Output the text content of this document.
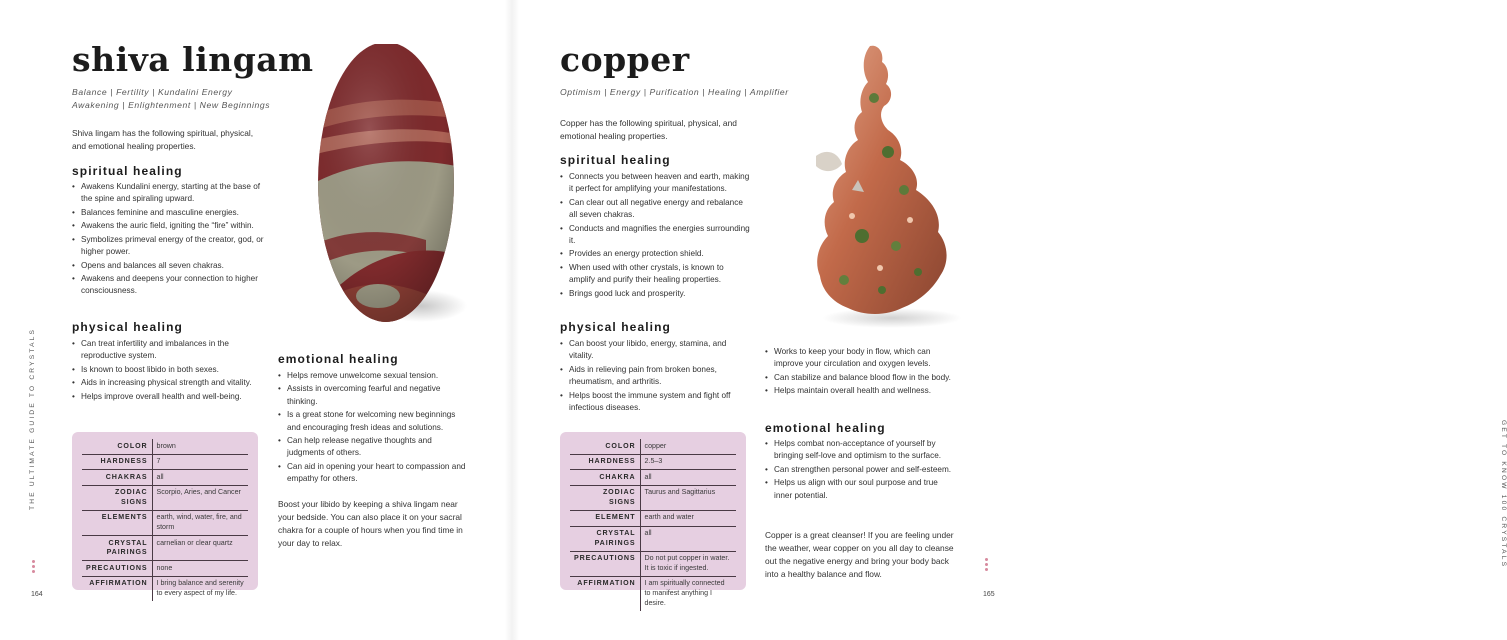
shiva lingam
Balance | Fertility | Kundalini Energy
Awakening | Enlightenment | New Beginnings

Shiva lingam has the following spiritual, physical, and emotional healing properties.

spiritual healing
• Awakens Kundalini energy, starting at the base of the spine and spiraling upward.
• Balances feminine and masculine energies.
• Awakens the auric field, igniting the “fire” within.
• Symbolizes primeval energy of the creator, god, or higher power.
• Opens and balances all seven chakras.
• Awakens and deepens your connection to higher consciousness.
physical healing
• Can treat infertility and imbalances in the reproductive system.
• Is known to boost libido in both sexes.
• Aids in increasing physical strength and vitality.
• Helps improve overall health and well-being.
emotional healing
• Helps remove unwelcome sexual tension.
• Assists in overcoming fearful and negative thinking.
• Is a great stone for welcoming new beginnings and encouraging fresh ideas and solutions.
• Can help release negative thoughts and judgments of others.
• Can aid in opening your heart to compassion and empathy for others.

Boost your libido by keeping a shiva lingam near your bedside. You can also place it on your sacral chakra for a couple of hours when you find time in your day to relax.

COLOR	brown
HARDNESS	7
CHAKRAS	all
ZODIAC SIGNS	Scorpio, Aries, and Cancer
ELEMENTS	earth, wind, water, fire, and storm
CRYSTAL PAIRINGS	carnelian or clear quartz
PRECAUTIONS	none
AFFIRMATION	I bring balance and serenity to every aspect of my life.
THE ULTIMATE GUIDE TO CRYSTALS
164
copper
Optimism | Energy | Purification | Healing | Amplifier

Copper has the following spiritual, physical, and emotional healing properties.

spiritual healing
• Connects you between heaven and earth, making it perfect for amplifying your manifestations.
• Can clear out all negative energy and rebalance all seven chakras.
• Conducts and magnifies the energies surrounding it.
• Provides an energy protection shield.
• When used with other crystals, is known to amplify and purify their healing properties.
• Brings good luck and prosperity.
physical healing
• Can boost your libido, energy, stamina, and vitality.
• Aids in relieving pain from broken bones, rheumatism, and arthritis.
• Helps boost the immune system and fight off infectious diseases.
• Works to keep your body in flow, which can improve your circulation and oxygen levels.
• Can stabilize and balance blood flow in the body.
• Helps maintain overall health and wellness.
emotional healing
• Helps combat non-acceptance of yourself by bringing self-love and optimism to the surface.
• Can strengthen personal power and self-esteem.
• Helps us align with our soul purpose and true inner potential.

Copper is a great cleanser! If you are feeling under the weather, wear copper on you all day to cleanse out the negative energy and bring your body back into a healthy balance and flow.

COLOR	copper
HARDNESS	2.5–3
CHAKRA	all
ZODIAC SIGNS	Taurus and Sagittarius
ELEMENT	earth and water
CRYSTAL PAIRINGS	all
PRECAUTIONS	Do not put copper in water. It is toxic if ingested.
AFFIRMATION	I am spiritually connected to manifest anything I desire.
GET TO KNOW 100 CRYSTALS
165
